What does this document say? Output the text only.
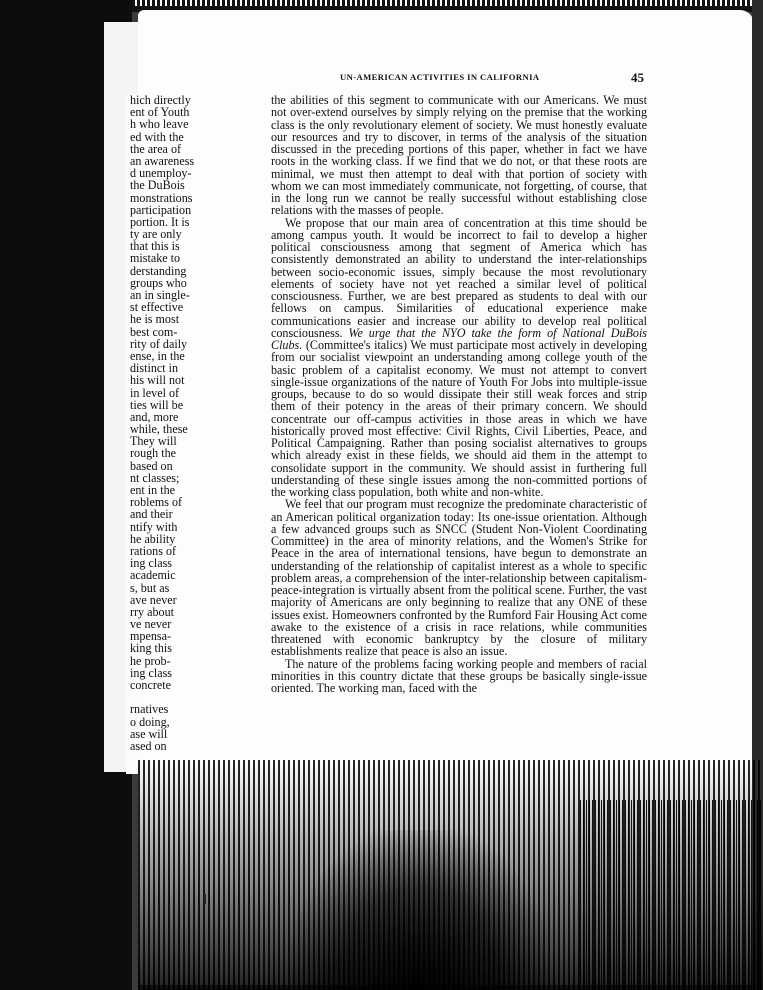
hich directly
ent of Youth
h who leave
ed with the
the area of
an awareness
d unemploy-
the DuBois
monstrations
participation
portion. It is
ty are only
that this is
mistake to
derstanding
groups who
an in single-
st effective
he is most
best com-
rity of daily
ense, in the
distinct in
his will not
in level of
ties will be
and, more
while, these
They will
rough the
based on
nt classes;
ent in the
roblems of
and their
ntify with
he ability
rations of
ing class
academic
s, but as
ave never
rry about
ve never
mpensa-
king this
he prob-
ing class
concrete
rnatives
o doing,
ase will
ased on
UN-AMERICAN ACTIVITIES IN CALIFORNIA	45

the abilities of this segment to communicate with our Americans. We must not over-extend ourselves by simply relying on the premise that the working class is the only revolutionary element of society. We must honestly evaluate our resources and try to discover, in terms of the analysis of the situation discussed in the preceding portions of this paper, whether in fact we have roots in the working class. If we find that we do not, or that these roots are minimal, we must then attempt to deal with that portion of society with whom we can most immediately communicate, not forgetting, of course, that in the long run we cannot be really successful without establishing close relations with the masses of people.

We propose that our main area of concentration at this time should be among campus youth. It would be incorrect to fail to develop a higher political consciousness among that segment of America which has consistently demonstrated an ability to understand the inter-relationships between socio-economic issues, simply because the most revolutionary elements of society have not yet reached a similar level of political consciousness. Further, we are best prepared as students to deal with our fellows on campus. Similarities of educational experience make communications easier and increase our ability to develop real political consciousness. We urge that the NYO take the form of National DuBois Clubs. (Committee's italics) We must participate most actively in developing from our socialist viewpoint an understanding among college youth of the basic problem of a capitalist economy. We must not attempt to convert single-issue organizations of the nature of Youth For Jobs into multiple-issue groups, because to do so would dissipate their still weak forces and strip them of their potency in the areas of their primary concern. We should concentrate our off-campus activities in those areas in which we have historically proved most effective: Civil Rights, Civil Liberties, Peace, and Political Campaigning. Rather than posing socialist alternatives to groups which already exist in these fields, we should aid them in the attempt to consolidate support in the community. We should assist in furthering full understanding of these single issues among the non-committed portions of the working class population, both white and non-white.

We feel that our program must recognize the predominate characteristic of an American political organization today: Its one-issue orientation. Although a few advanced groups such as SNCC (Student Non-Violent Coordinating Committee) in the area of minority relations, and the Women's Strike for Peace in the area of international tensions, have begun to demonstrate an understanding of the relationship of capitalist interest as a whole to specific problem areas, a comprehension of the inter-relationship between capitalism-peace-integration is virtually absent from the political scene. Further, the vast majority of Americans are only beginning to realize that any ONE of these issues exist. Homeowners confronted by the Rumford Fair Housing Act come awake to the existence of a crisis in race relations, while communities threatened with economic bankruptcy by the closure of military establishments realize that peace is also an issue.

The nature of the problems facing working people and members of racial minorities in this country dictate that these groups be basically single-issue oriented. The working man, faced with the
